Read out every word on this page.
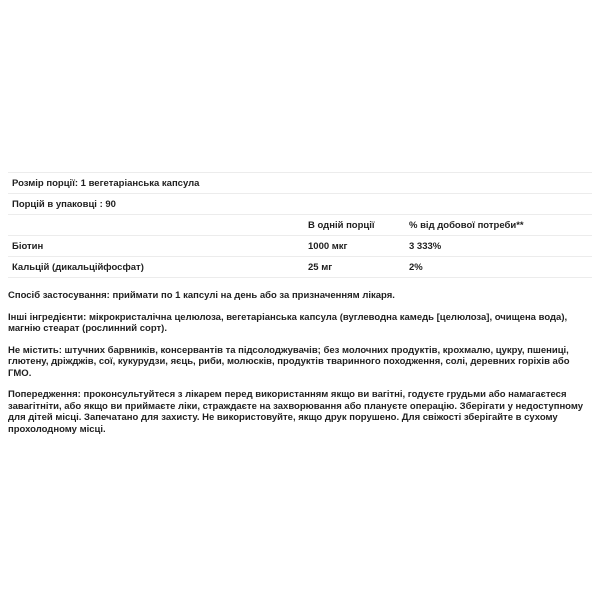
Розмір порції: 1 вегетаріанська капсула		
Порцій в упаковці : 90		
	В одній порції	% від добової потреби**
Біотин	1000 мкг	3 333%
Кальцій (дикальційфосфат)	25 мг	2%

Спосіб застосування: приймати по 1 капсулі на день або за призначенням лікаря.

Інші інгредієнти: мікрокристалічна целюлоза, вегетаріанська капсула (вуглеводна камедь [целюлоза], очищена вода), магнію стеарат (рослинний сорт).

Не містить: штучних барвників, консервантів та підсолоджувачів; без молочних продуктів, крохмалю, цукру, пшениці, глютену, дріжджів, сої, кукурудзи, яєць, риби, молюсків, продуктів тваринного походження, солі, деревних горіхів або ГМО.

Попередження: проконсультуйтеся з лікарем перед використанням якщо ви вагітні, годуєте грудьми або намагаєтеся завагітніти, або якщо ви приймаєте ліки, страждаєте на захворювання або плануєте операцію. Зберігати у недоступному для дітей місці. Запечатано для захисту. Не використовуйте, якщо друк порушено. Для свіжості зберігайте в сухому прохолодному місці.
